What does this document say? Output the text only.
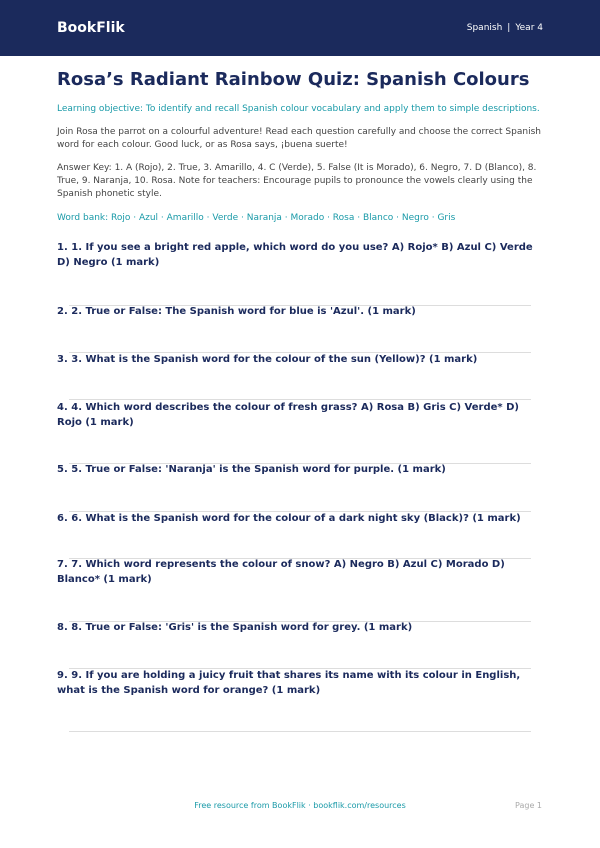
BookFlik	Spanish | Year 4
Rosa’s Radiant Rainbow Quiz: Spanish Colours

Learning objective: To identify and recall Spanish colour vocabulary and apply them to simple descriptions.

Join Rosa the parrot on a colourful adventure! Read each question carefully and choose the correct Spanish word for each colour. Good luck, or as Rosa says, ¡buena suerte!

Answer Key: 1. A (Rojo), 2. True, 3. Amarillo, 4. C (Verde), 5. False (It is Morado), 6. Negro, 7. D (Blanco), 8. True, 9. Naranja, 10. Rosa. Note for teachers: Encourage pupils to pronounce the vowels clearly using the Spanish phonetic style.

Word bank: Rojo · Azul · Amarillo · Verde · Naranja · Morado · Rosa · Blanco · Negro · Gris

1. 1. If you see a bright red apple, which word do you use? A) Rojo* B) Azul C) Verde D) Negro (1 mark)
2. 2. True or False: The Spanish word for blue is 'Azul'. (1 mark)
3. 3. What is the Spanish word for the colour of the sun (Yellow)? (1 mark)
4. 4. Which word describes the colour of fresh grass? A) Rosa B) Gris C) Verde* D) Rojo (1 mark)
5. 5. True or False: 'Naranja' is the Spanish word for purple. (1 mark)
6. 6. What is the Spanish word for the colour of a dark night sky (Black)? (1 mark)
7. 7. Which word represents the colour of snow? A) Negro B) Azul C) Morado D) Blanco* (1 mark)
8. 8. True or False: 'Gris' is the Spanish word for grey. (1 mark)
9. 9. If you are holding a juicy fruit that shares its name with its colour in English, what is the Spanish word for orange? (1 mark)
Free resource from BookFlik · bookflik.com/resources	Page 1
